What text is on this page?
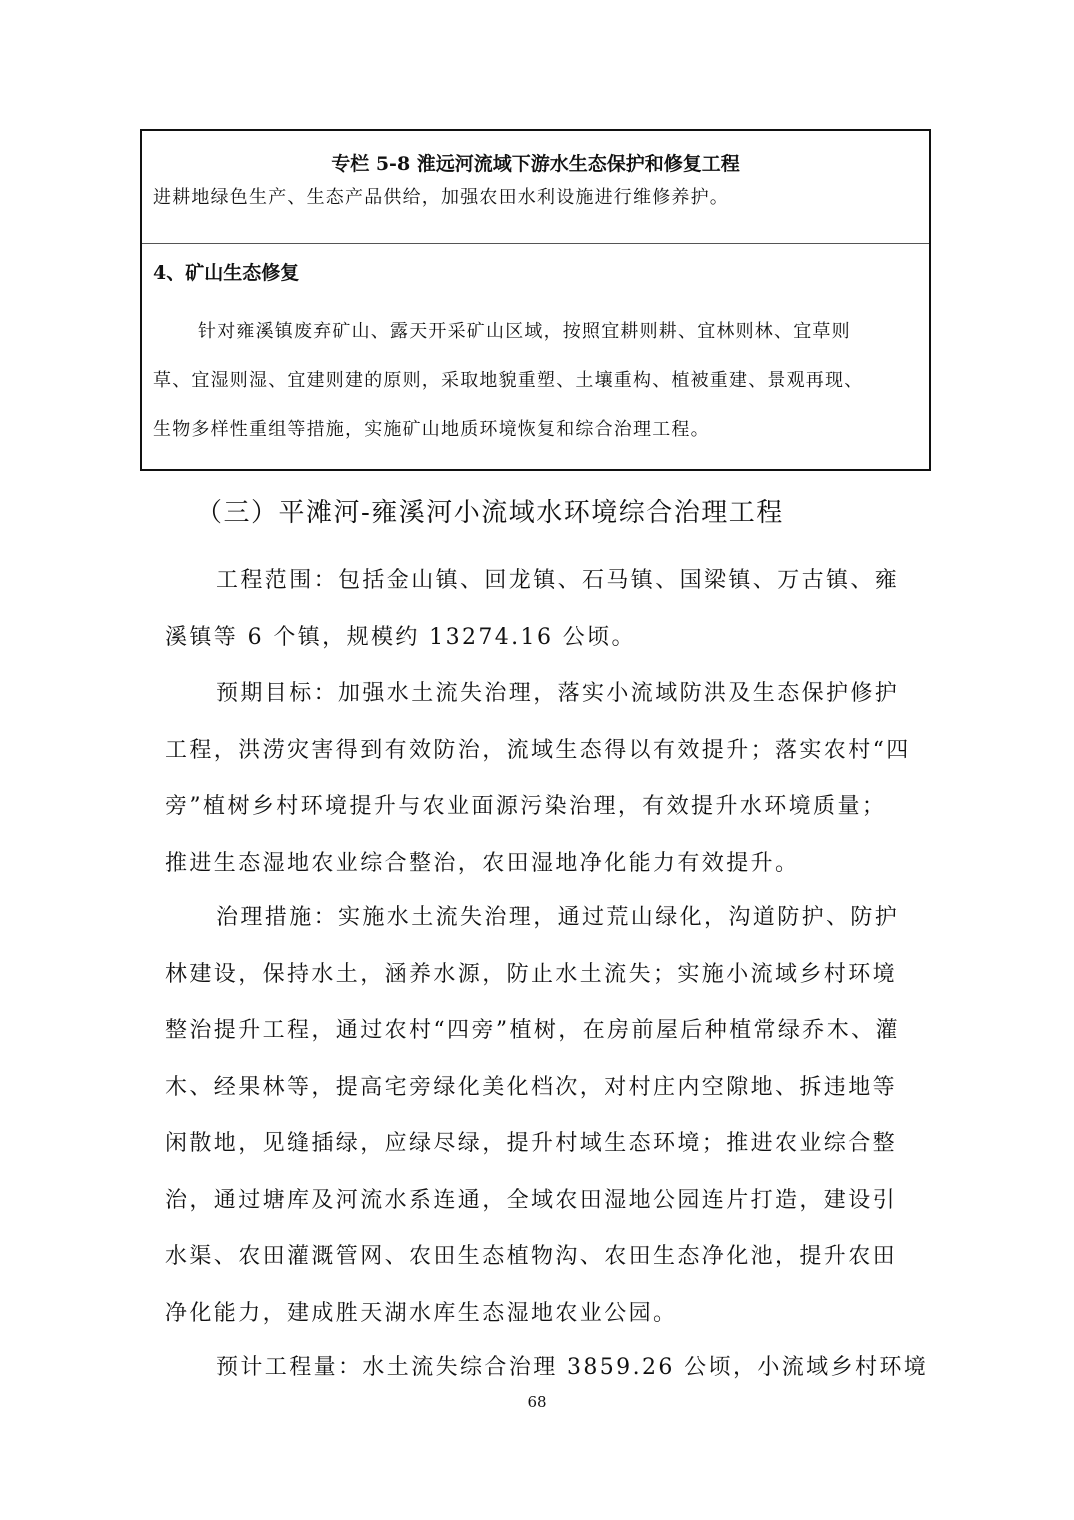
专栏 5-8 淮远河流域下游水生态保护和修复工程
进耕地绿色生产、生态产品供给，加强农田水利设施进行维修养护。
4、矿山生态修复
针对雍溪镇废弃矿山、露天开采矿山区域，按照宜耕则耕、宜林则林、宜草则
草、宜湿则湿、宜建则建的原则，采取地貌重塑、土壤重构、植被重建、景观再现、
生物多样性重组等措施，实施矿山地质环境恢复和综合治理工程。
（三）平滩河-雍溪河小流域水环境综合治理工程
工程范围：包括金山镇、回龙镇、石马镇、国梁镇、万古镇、雍
溪镇等 6 个镇，规模约 13274.16 公顷。
预期目标：加强水土流失治理，落实小流域防洪及生态保护修护
工程，洪涝灾害得到有效防治，流域生态得以有效提升；落实农村“四
旁”植树乡村环境提升与农业面源污染治理，有效提升水环境质量；
推进生态湿地农业综合整治，农田湿地净化能力有效提升。
治理措施：实施水土流失治理，通过荒山绿化，沟道防护、防护
林建设，保持水土，涵养水源，防止水土流失；实施小流域乡村环境
整治提升工程，通过农村“四旁”植树，在房前屋后种植常绿乔木、灌
木、经果林等，提高宅旁绿化美化档次，对村庄内空隙地、拆违地等
闲散地，见缝插绿，应绿尽绿，提升村域生态环境；推进农业综合整
治，通过塘库及河流水系连通，全域农田湿地公园连片打造，建设引
水渠、农田灌溉管网、农田生态植物沟、农田生态净化池，提升农田
净化能力，建成胜天湖水库生态湿地农业公园。
预计工程量：水土流失综合治理 3859.26 公顷，小流域乡村环境
68
